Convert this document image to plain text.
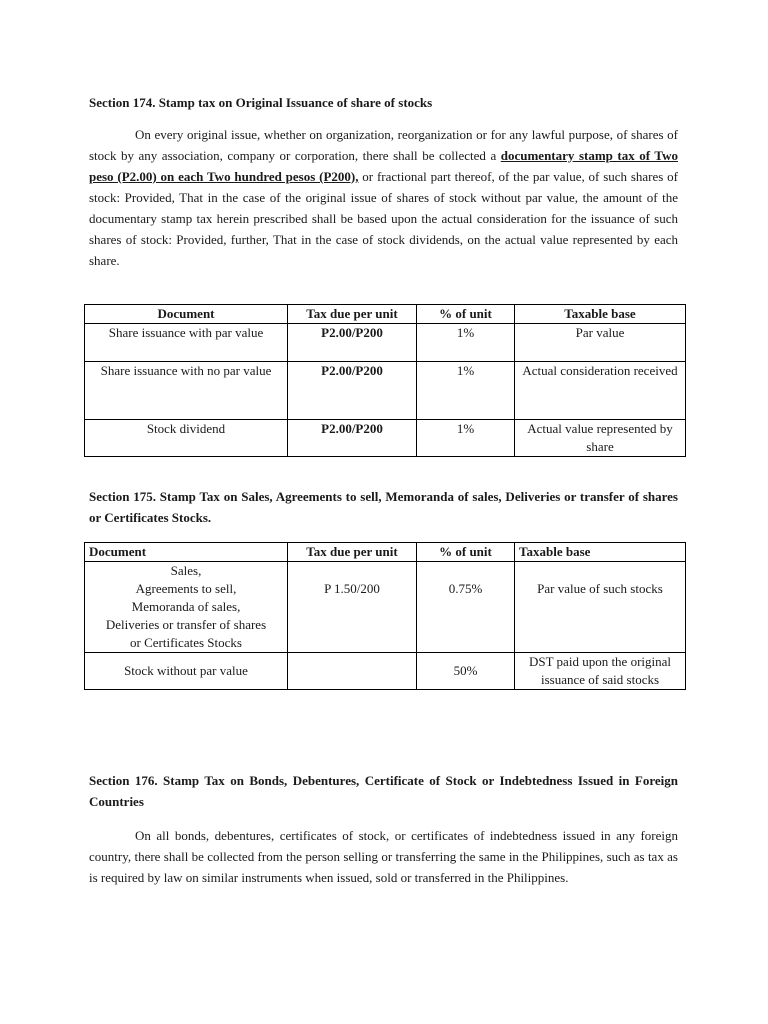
Section 174. Stamp tax on Original Issuance of share of stocks

On every original issue, whether on organization, reorganization or for any lawful purpose, of shares of stock by any association, company or corporation, there shall be collected a documentary stamp tax of Two peso (P2.00) on each Two hundred pesos (P200), or fractional part thereof, of the par value, of such shares of stock: Provided, That in the case of the original issue of shares of stock without par value, the amount of the documentary stamp tax herein prescribed shall be based upon the actual consideration for the issuance of such shares of stock: Provided, further, That in the case of stock dividends, on the actual value represented by each share.

Document	Tax due per unit	% of unit	Taxable base
Share issuance with par value	P2.00/P200	1%	Par value
Share issuance with no par value	P2.00/P200	1%	Actual consideration received
Stock dividend	P2.00/P200	1%	Actual value represented by share

Section 175. Stamp Tax on Sales, Agreements to sell, Memoranda of sales, Deliveries or transfer of shares or Certificates Stocks.

Document	Tax due per unit	% of unit	Taxable base

Sales,
Agreements to sell,
Memoranda of sales,
Deliveries or transfer of shares
or Certificates Stocks	P 1.50/200	0.75%	Par value of such stocks
Stock without par value		50%	DST paid upon the original issuance of said stocks

Section 176. Stamp Tax on Bonds, Debentures, Certificate of Stock or Indebtedness Issued in Foreign Countries

On all bonds, debentures, certificates of stock, or certificates of indebtedness issued in any foreign country, there shall be collected from the person selling or transferring the same in the Philippines, such as tax as is required by law on similar instruments when issued, sold or transferred in the Philippines.
